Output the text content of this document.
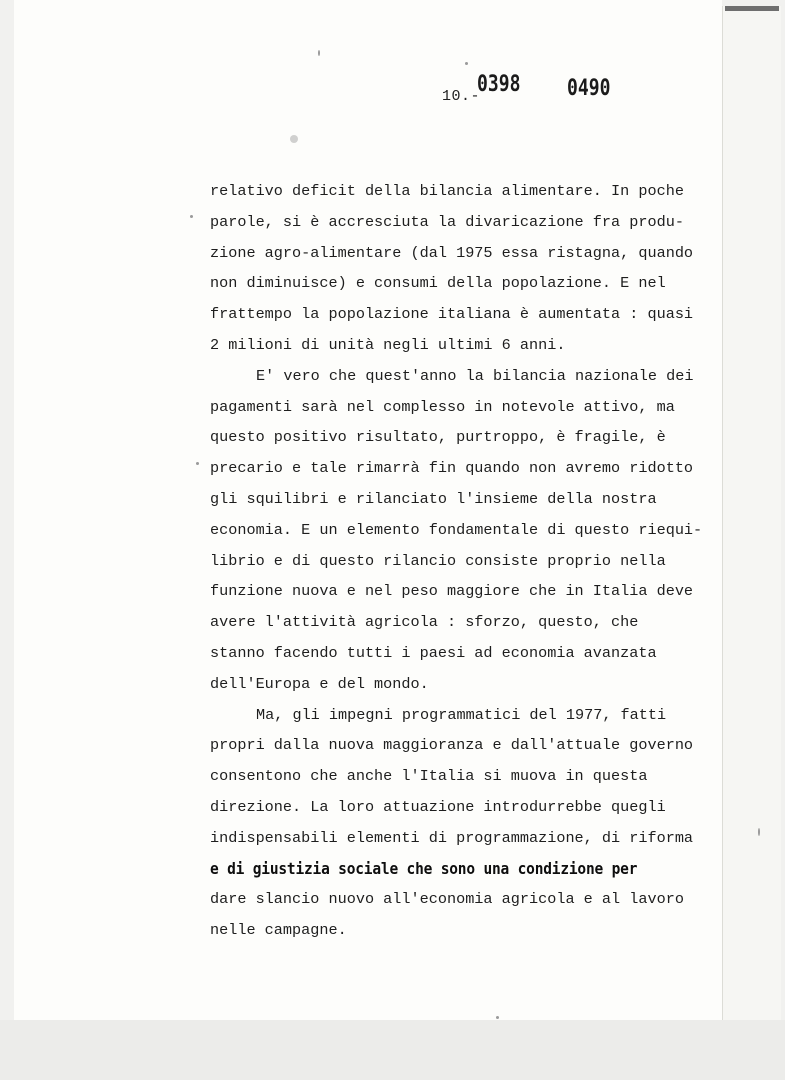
10.-
0398 0490
relativo deficit della bilancia alimentare. In poche
parole, si è accresciuta la divaricazione fra produ-
zione agro-alimentare (dal 1975 essa ristagna, quando
non diminuisce) e consumi della popolazione. E nel
frattempo la popolazione italiana è aumentata : quasi
2 milioni di unità negli ultimi 6 anni.
E' vero che quest'anno la bilancia nazionale dei
pagamenti sarà nel complesso in notevole attivo, ma
questo positivo risultato, purtroppo, è fragile, è
precario e tale rimarrà fin quando non avremo ridotto
gli squilibri e rilanciato l'insieme della nostra
economia. E un elemento fondamentale di questo riequi-
librio e di questo rilancio consiste proprio nella
funzione nuova e nel peso maggiore che in Italia deve
avere l'attività agricola : sforzo, questo, che
stanno facendo tutti i paesi ad economia avanzata
dell'Europa e del mondo.
Ma, gli impegni programmatici del 1977, fatti
propri dalla nuova maggioranza e dall'attuale governo
consentono che anche l'Italia si muova in questa
direzione. La loro attuazione introdurrebbe quegli
indispensabili elementi di programmazione, di riforma
e di giustizia sociale che sono una condizione per
dare slancio nuovo all'economia agricola e al lavoro
nelle campagne.
